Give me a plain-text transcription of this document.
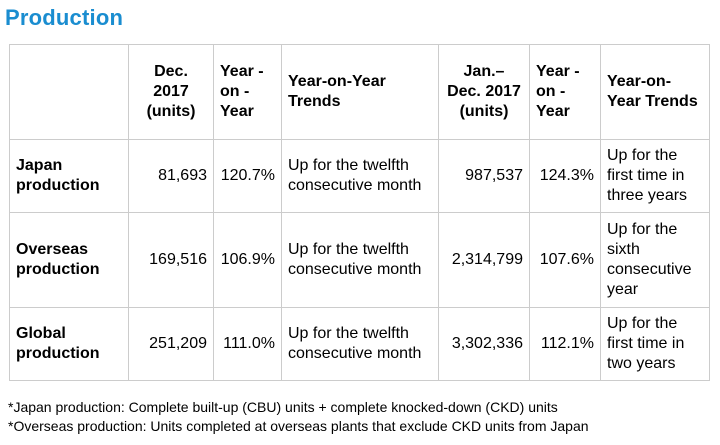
Production
	Dec. 2017 (units)	Year -on -Year	Year-on-Year Trends	Jan.– Dec. 2017 (units)	Year -on -Year	Year-on- Year Trends
Japan production	81,693	120.7%	Up for the twelfth consecutive month	987,537	124.3%	Up for the first time in three years
Overseas production	169,516	106.9%	Up for the twelfth consecutive month	2,314,799	107.6%	Up for the sixth consecutive year
Global production	251,209	111.0%	Up for the twelfth consecutive month	3,302,336	112.1%	Up for the first time in two years
*Japan production: Complete built-up (CBU) units + complete knocked-down (CKD) units
*Overseas production: Units completed at overseas plants that exclude CKD units from Japan
